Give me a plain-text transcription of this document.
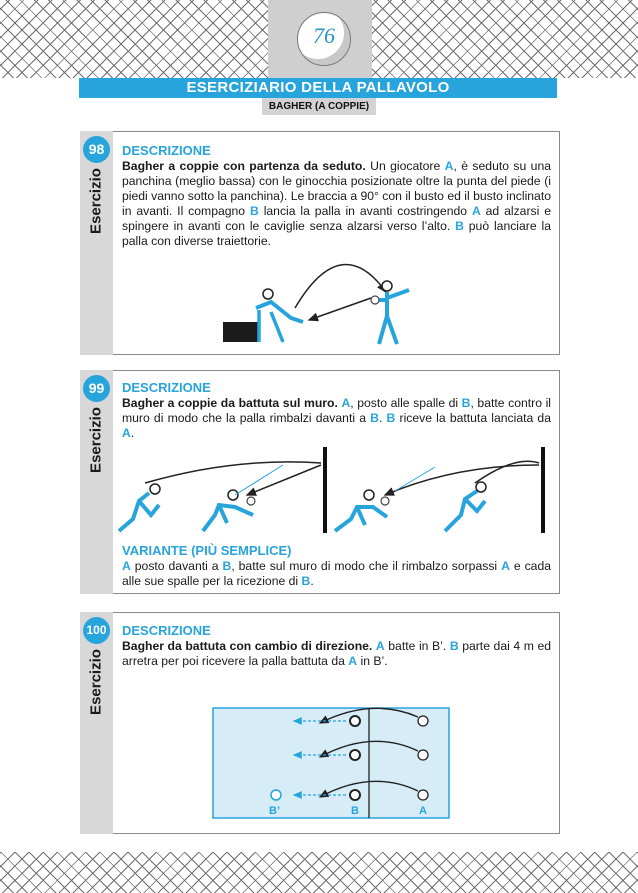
76
ESERCIZIARIO DELLA PALLAVOLO
BAGHER (A COPPIE)
98
Esercizio
DESCRIZIONE
Bagher a coppie con partenza da seduto. Un giocatore A, è seduto su una panchina (meglio bassa) con le ginocchia posizionate oltre la punta del piede (i piedi vanno sotto la panchina). Le braccia a 90° con il busto ed il busto inclinato in avanti. Il compagno B lancia la palla in avanti costringendo A ad alzarsi e spingere in avanti con le caviglie senza alzarsi verso l’alto. B può lanciare la palla con diverse traiettorie.
99
Esercizio
DESCRIZIONE
Bagher a coppie da battuta sul muro. A, posto alle spalle di B, batte contro il muro di modo che la palla rimbalzi davanti a B. B riceve la battuta lanciata da A.
VARIANTE (PIÙ SEMPLICE)
A posto davanti a B, batte sul muro di modo che il rimbalzo sorpassi A e cada alle sue spalle per la ricezione di B.
100
Esercizio
DESCRIZIONE
Bagher da battuta con cambio di direzione. A batte in B’. B parte dai 4 m ed arretra per poi ricevere la palla battuta da A in B’.
B’	B	A
